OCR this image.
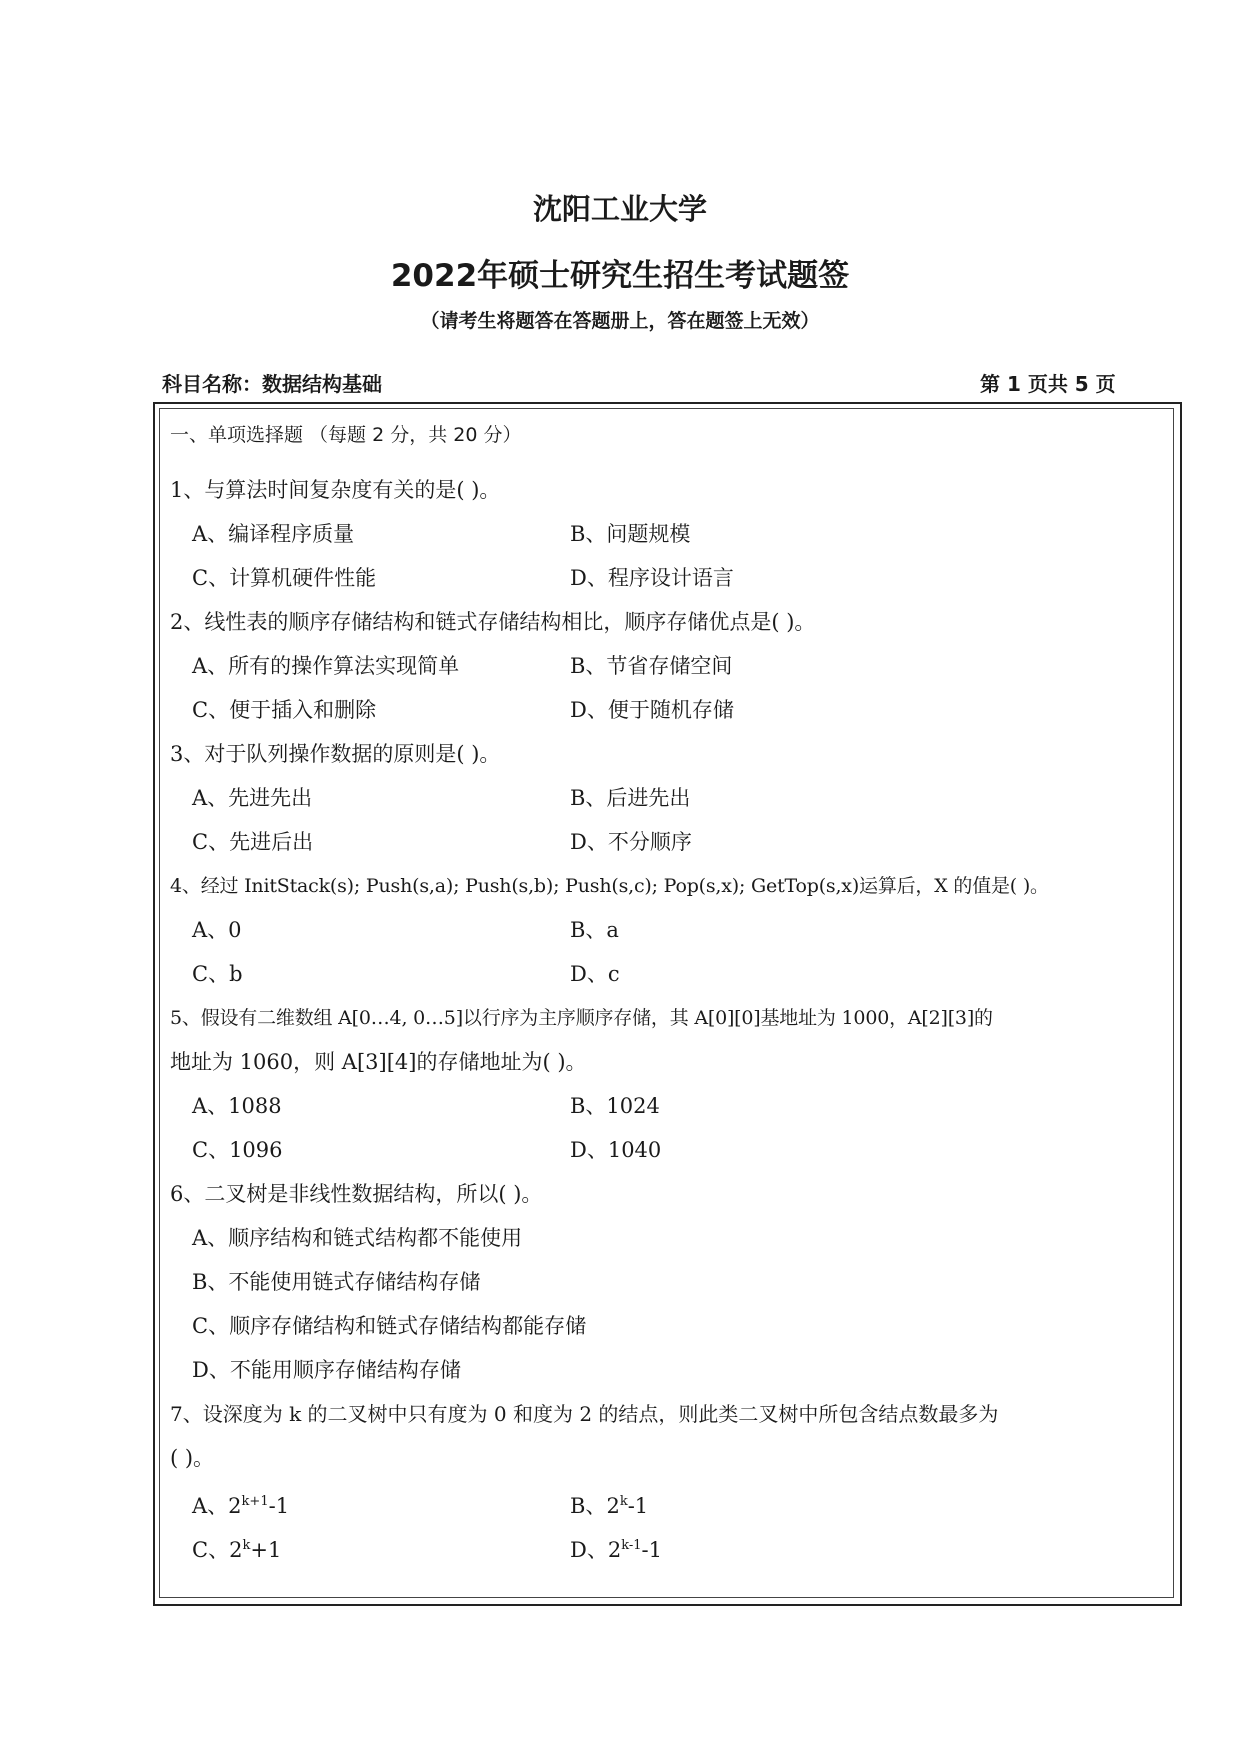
沈阳工业大学
2022年硕士研究生招生考试题签
（请考生将题答在答题册上，答在题签上无效）
科目名称：数据结构基础	第 1 页共 5 页
一、单项选择题 （每题 2 分，共 20 分）
1、与算法时间复杂度有关的是( )。
A、编译程序质量	B、问题规模
C、计算机硬件性能	D、程序设计语言
2、线性表的顺序存储结构和链式存储结构相比，顺序存储优点是( )。
A、所有的操作算法实现简单	B、节省存储空间
C、便于插入和删除	D、便于随机存储
3、对于队列操作数据的原则是( )。
A、先进先出	B、后进先出
C、先进后出	D、不分顺序
4、经过 InitStack(s); Push(s,a); Push(s,b); Push(s,c); Pop(s,x); GetTop(s,x)运算后，X 的值是( )。
A、0	B、a
C、b	D、c
5、假设有二维数组 A[0…4, 0…5]以行序为主序顺序存储，其 A[0][0]基地址为 1000，A[2][3]的
地址为 1060，则 A[3][4]的存储地址为( )。
A、1088	B、1024
C、1096	D、1040
6、二叉树是非线性数据结构，所以( )。
A、顺序结构和链式结构都不能使用
B、不能使用链式存储结构存储
C、顺序存储结构和链式存储结构都能存储
D、不能用顺序存储结构存储
7、设深度为 k 的二叉树中只有度为 0 和度为 2 的结点，则此类二叉树中所包含结点数最多为
( )。
A、$2^{k+1}-1$	B、2$^k$-1
C、$2^k+1$	D、2$^{k-1}$-1
